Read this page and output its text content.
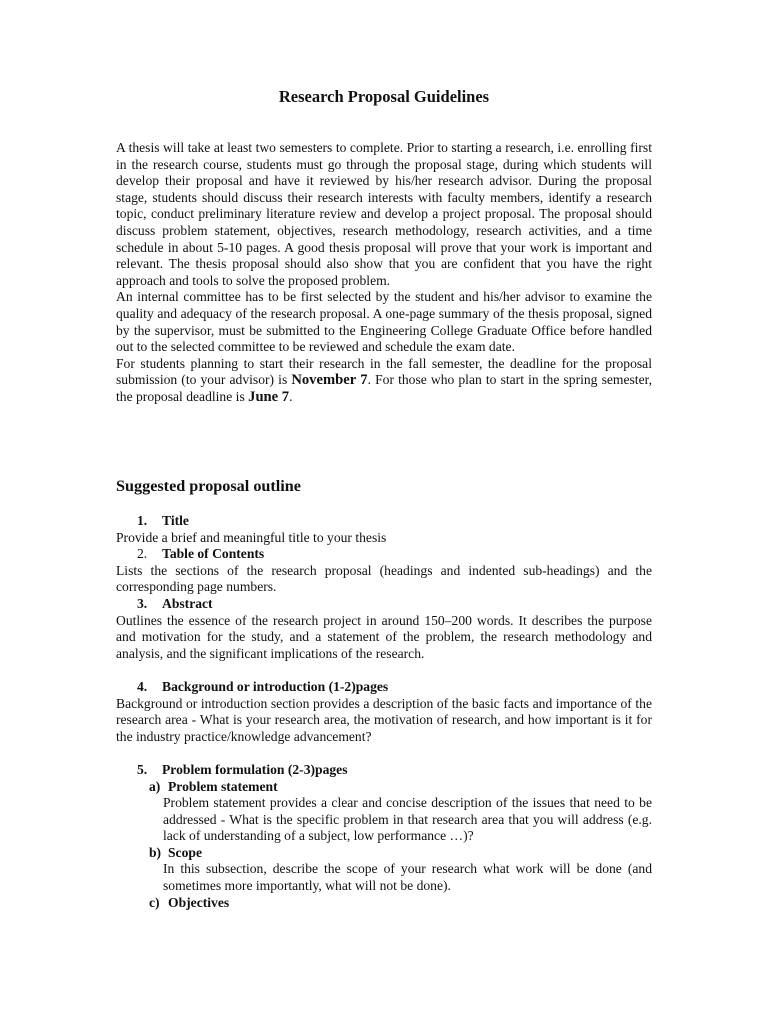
Research Proposal Guidelines

A thesis will take at least two semesters to complete. Prior to starting a research, i.e. enrolling first in the research course, students must go through the proposal stage, during which students will develop their proposal and have it reviewed by his/her research advisor. During the proposal stage, students should discuss their research interests with faculty members, identify a research topic, conduct preliminary literature review and develop a project proposal. The proposal should discuss problem statement, objectives, research methodology, research activities, and a time schedule in about 5-10 pages. A good thesis proposal will prove that your work is important and relevant. The thesis proposal should also show that you are confident that you have the right approach and tools to solve the proposed problem.

An internal committee has to be first selected by the student and his/her advisor to examine the quality and adequacy of the research proposal. A one-page summary of the thesis proposal, signed by the supervisor, must be submitted to the Engineering College Graduate Office before handled out to the selected committee to be reviewed and schedule the exam date.

For students planning to start their research in the fall semester, the deadline for the proposal submission (to your advisor) is November 7. For those who plan to start in the spring semester, the proposal deadline is June 7.

Suggested proposal outline
1. Title

Provide a brief and meaningful title to your thesis

2. Table of Contents

Lists the sections of the research proposal (headings and indented sub-headings) and the corresponding page numbers.

3. Abstract

Outlines the essence of the research project in around 150–200 words. It describes the purpose and motivation for the study, and a statement of the problem, the research methodology and analysis, and the significant implications of the research.

4. Background or introduction (1-2)pages

Background or introduction section provides a description of the basic facts and importance of the research area - What is your research area, the motivation of research, and how important is it for the industry practice/knowledge advancement?

5. Problem formulation (2-3)pages
a) Problem statement

Problem statement provides a clear and concise description of the issues that need to be addressed - What is the specific problem in that research area that you will address (e.g. lack of understanding of a subject, low performance …)?

b) Scope

In this subsection, describe the scope of your research what work will be done (and sometimes more importantly, what will not be done).

c) Objectives
